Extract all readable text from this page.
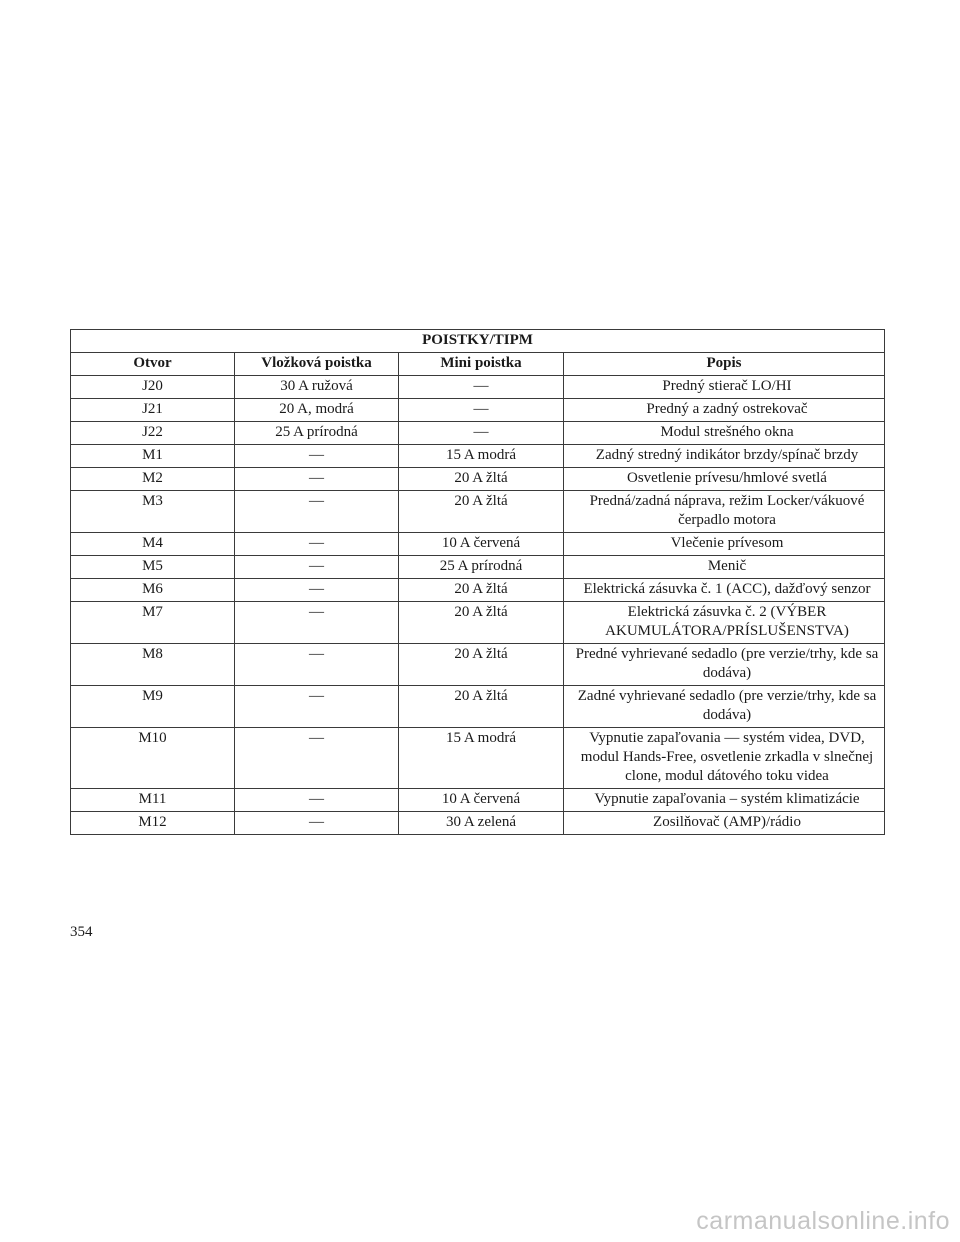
POISTKY/TIPM			
Otvor	Vložková poistka	Mini poistka	Popis
J20	30 A ružová	—	Predný stierač LO/HI
J21	20 A, modrá	—	Predný a zadný ostrekovač
J22	25 A prírodná	—	Modul strešného okna
M1	—	15 A modrá	Zadný stredný indikátor brzdy/spínač brzdy
M2	—	20 A žltá	Osvetlenie prívesu/hmlové svetlá
M3	—	20 A žltá	Predná/zadná náprava, režim Locker/vákuové čerpadlo motora
M4	—	10 A červená	Vlečenie prívesom
M5	—	25 A prírodná	Menič
M6	—	20 A žltá	Elektrická zásuvka č. 1 (ACC), dažďový senzor
M7	—	20 A žltá	Elektrická zásuvka č. 2 (VÝBER AKUMULÁTORA/PRÍSLUŠENSTVA)
M8	—	20 A žltá	Predné vyhrievané sedadlo (pre verzie/trhy, kde sa dodáva)
M9	—	20 A žltá	Zadné vyhrievané sedadlo (pre verzie/trhy, kde sa dodáva)
M10	—	15 A modrá	Vypnutie zapaľovania — systém videa, DVD, modul Hands-Free, osvetlenie zrkadla v slnečnej clone, modul dátového toku videa
M11	—	10 A červená	Vypnutie zapaľovania – systém klimatizácie
M12	—	30 A zelená	Zosilňovač (AMP)/rádio
354
carmanualsonline.info
